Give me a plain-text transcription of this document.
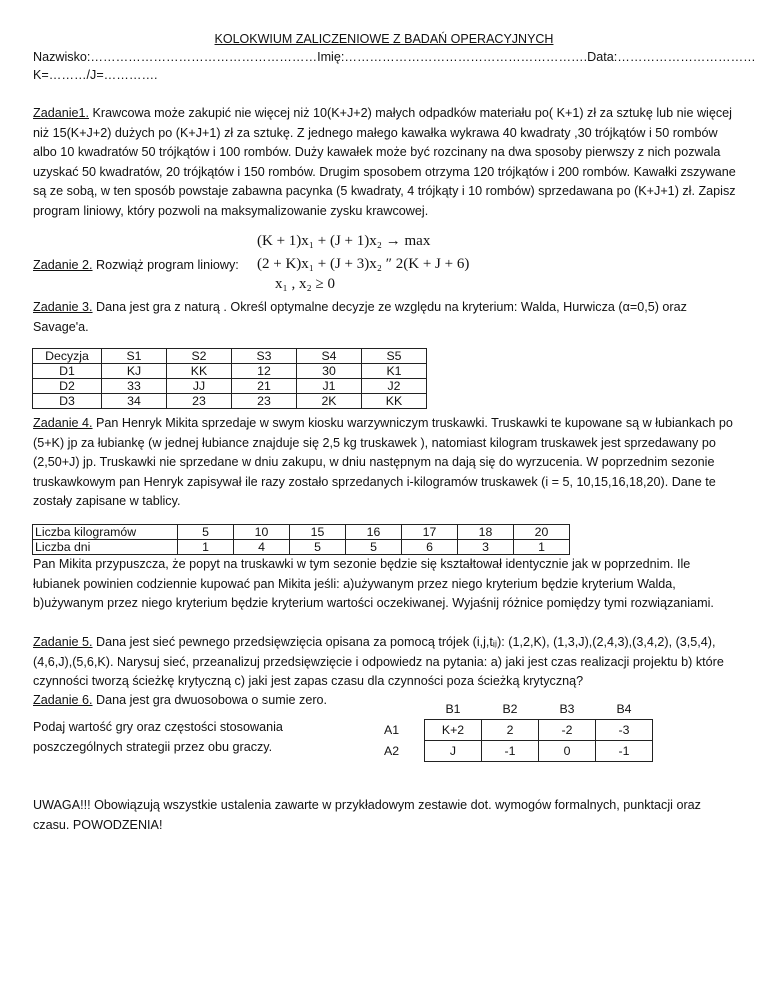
KOLOKWIUM ZALICZENIOWE Z BADAŃ OPERACYJNYCH
Nazwisko:………………………………………………Imię:………………………………………………….Data:……………………………
K=………/J=………….
Zadanie1. Krawcowa może zakupić nie więcej niż 10(K+J+2) małych odpadków materiału po( K+1) zł za sztukę lub nie więcej niż 15(K+J+2) dużych po (K+J+1) zł za sztukę. Z jednego małego kawałka wykrawa 40 kwadraty ,30 trójkątów i 50 rombów albo 10 kwadratów 50 trójkątów i 100 rombów. Duży kawałek może być rozcinany na dwa sposoby pierwszy z nich pozwala uzyskać 50 kwadratów, 20 trójkątów i 150 rombów. Drugim sposobem otrzyma 120 trójkątów i 200 rombów. Kawałki zszywane są ze sobą, w ten sposób powstaje zabawna pacynka (5 kwadraty, 4 trójkąty i 10 rombów) sprzedawana po (K+J+1) zł. Zapisz program liniowy, który pozwoli na maksymalizowanie zysku krawcowej.
(K + 1)x₁ + (J + 1)x₂ → max
Zadanie 2. Rozwiąż program liniowy: (2 + K)x₁ + (J + 3)x₂ ″ 2(K + J + 6)
x₁ , x₂ ≥ 0
Zadanie 3. Dana jest gra z naturą . Określ optymalne decyzje ze względu na kryterium: Walda, Hurwicza (α=0,5) oraz Savage'a.
Decyzja	S1	S2	S3	S4	S5
D1	KJ	KK	12	30	K1
D2	33	JJ	21	J1	J2
D3	34	23	23	2K	KK
Zadanie 4. Pan Henryk Mikita sprzedaje w swym kiosku warzywniczym truskawki. Truskawki te kupowane są w łubiankach po (5+K) jp za łubiankę (w jednej łubiance znajduje się 2,5 kg truskawek ), natomiast kilogram truskawek jest sprzedawany po (2,50+J) jp. Truskawki nie sprzedane w dniu zakupu, w dniu następnym na dają się do wyrzucenia. W poprzednim sezonie truskawkowym pan Henryk zapisywał ile razy zostało sprzedanych i-kilogramów truskawek (i = 5, 10,15,16,18,20). Dane te zostały zapisane w tablicy.
Liczba kilogramów	5	10	15	16	17	18	20
Liczba dni	1	4	5	5	6	3	1
Pan Mikita przypuszcza, że popyt na truskawki w tym sezonie będzie się kształtował identycznie jak w poprzednim. Ile łubianek powinien codziennie kupować pan Mikita jeśli: a)używanym przez niego kryterium będzie kryterium Walda, b)używanym przez niego kryterium będzie kryterium wartości oczekiwanej. Wyjaśnij różnice pomiędzy tymi rozwiązaniami.
Zadanie 5. Dana jest sieć pewnego przedsięwzięcia opisana za pomocą trójek (i,j,tᵢⱼ): (1,2,K), (1,3,J),(2,4,3),(3,4,2), (3,5,4),(4,6,J),(5,6,K). Narysuj sieć, przeanalizuj przedsięwzięcie i odpowiedz na pytania: a) jaki jest czas realizacji projektu b) które czynności tworzą ścieżkę krytyczną c) jaki jest zapas czasu dla czynności poza ścieżką krytyczną?
Zadanie 6. Dana jest gra dwuosobowa o sumie zero.
Podaj wartość gry oraz częstości stosowania poszczególnych strategii przez obu graczy.
	B1	B2	B3	B4
A1	K+2	2	-2	-3
A2	J	-1	0	-1
UWAGA!!! Obowiązują wszystkie ustalenia zawarte w przykładowym zestawie dot. wymogów formalnych, punktacji oraz czasu. POWODZENIA!
